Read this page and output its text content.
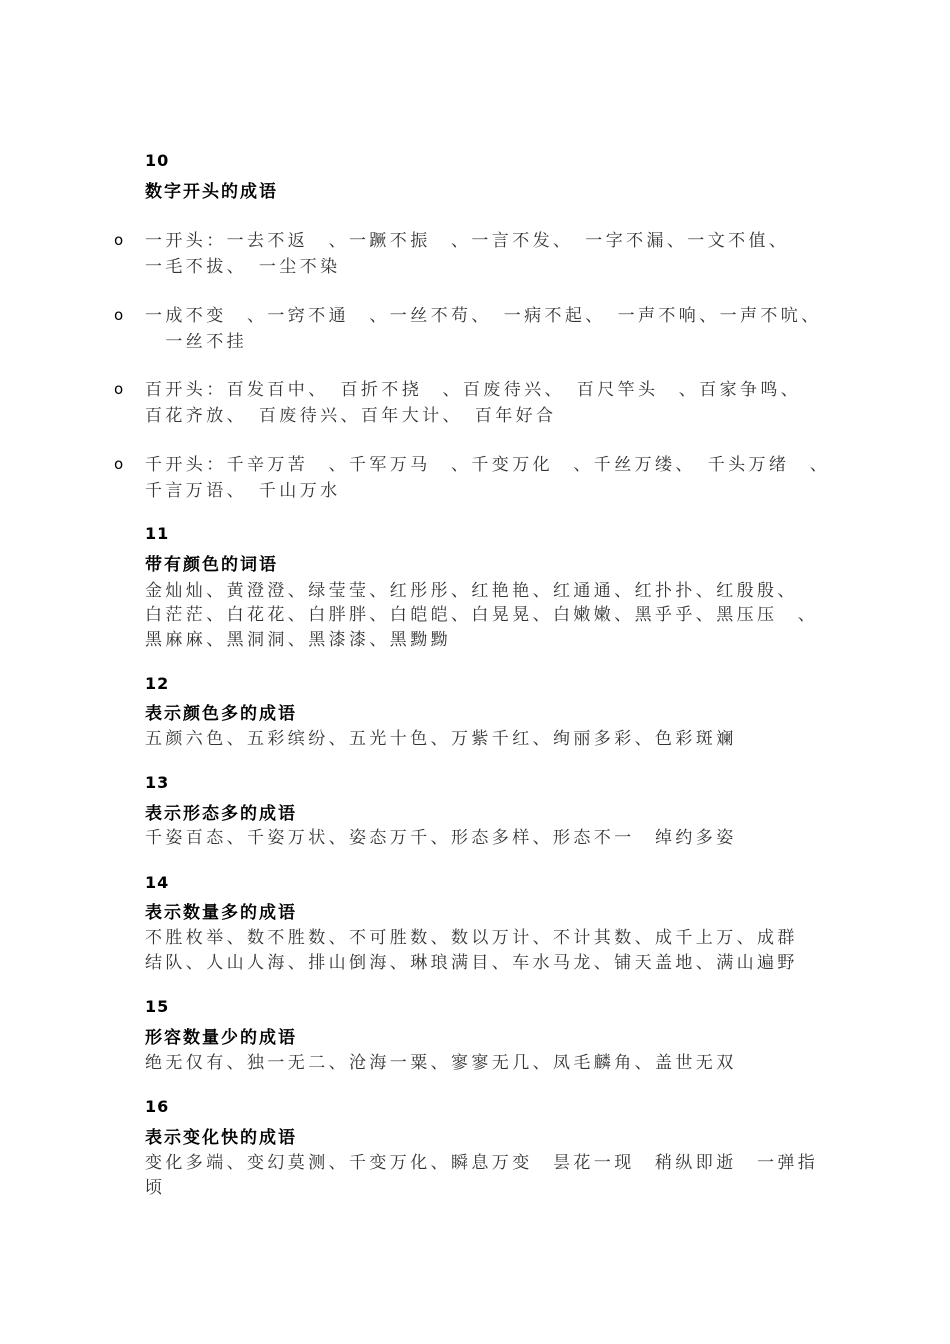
10
数字开头的成语
o 一开头：一去不返　、一蹶不振　、一言不发、　一字不漏、一文不值、
一毛不拔、　一尘不染
o 一成不变　、一窍不通　、一丝不苟、　一病不起、　一声不响、一声不吭、
　一丝不挂
o 百开头：百发百中、　百折不挠　、百废待兴、　百尺竿头　、百家争鸣、
百花齐放、　百废待兴、百年大计、　百年好合
o 千开头：千辛万苦　、千军万马　、千变万化　、千丝万缕、　千头万绪　、
千言万语、　千山万水
11
带有颜色的词语
金灿灿、黄澄澄、绿莹莹、红彤彤、红艳艳、红通通、红扑扑、红殷殷、
白茫茫、白花花、白胖胖、白皑皑、白晃晃、白嫩嫩、黑乎乎、黑压压　、
黑麻麻、黑洞洞、黑漆漆、黑黝黝
12
表示颜色多的成语
五颜六色、五彩缤纷、五光十色、万紫千红、绚丽多彩、色彩斑斓
13
表示形态多的成语
千姿百态、千姿万状、姿态万千、形态多样、形态不一　绰约多姿
14
表示数量多的成语
不胜枚举、数不胜数、不可胜数、数以万计、不计其数、成千上万、成群
结队、人山人海、排山倒海、琳琅满目、车水马龙、铺天盖地、满山遍野
15
形容数量少的成语
绝无仅有、独一无二、沧海一粟、寥寥无几、凤毛麟角、盖世无双
16
表示变化快的成语
变化多端、变幻莫测、千变万化、瞬息万变　昙花一现　稍纵即逝　一弹指
顷
